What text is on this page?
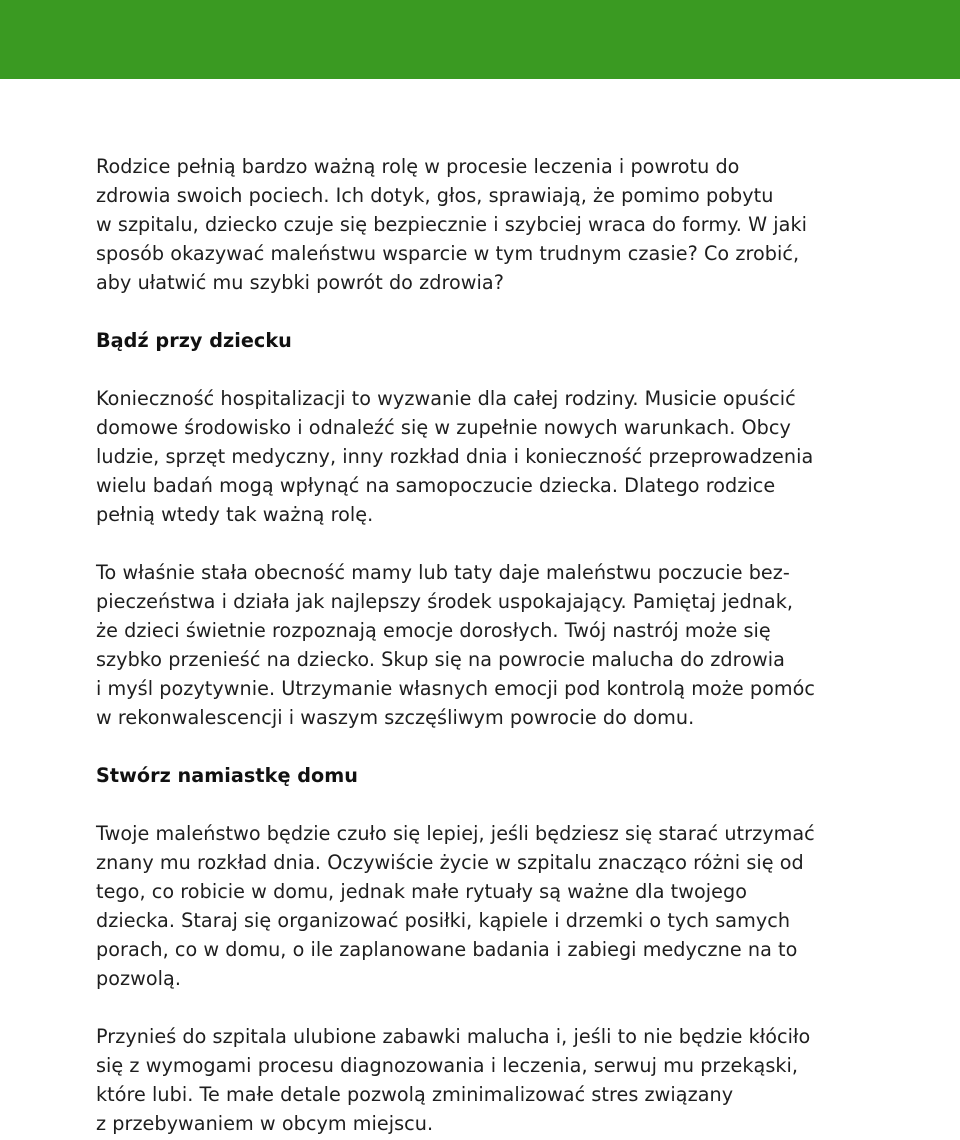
Rodzice pełnią bardzo ważną rolę w procesie leczenia i powrotu do
zdrowia swoich pociech. Ich dotyk, głos, sprawiają, że pomimo pobytu
w szpitalu, dziecko czuje się bezpiecznie i szybciej wraca do formy. W jaki
sposób okazywać maleństwu wsparcie w tym trudnym czasie? Co zrobić,
aby ułatwić mu szybki powrót do zdrowia?

Bądź przy dziecku

Konieczność hospitalizacji to wyzwanie dla całej rodziny. Musicie opuścić
domowe środowisko i odnaleźć się w zupełnie nowych warunkach. Obcy
ludzie, sprzęt medyczny, inny rozkład dnia i konieczność przeprowadzenia
wielu badań mogą wpłynąć na samopoczucie dziecka. Dlatego rodzice
pełnią wtedy tak ważną rolę.

To właśnie stała obecność mamy lub taty daje maleństwu poczucie bez-
pieczeństwa i działa jak najlepszy środek uspokajający. Pamiętaj jednak,
że dzieci świetnie rozpoznają emocje dorosłych. Twój nastrój może się
szybko przenieść na dziecko. Skup się na powrocie malucha do zdrowia
i myśl pozytywnie. Utrzymanie własnych emocji pod kontrolą może pomóc
w rekonwalescencji i waszym szczęśliwym powrocie do domu.

Stwórz namiastkę domu

Twoje maleństwo będzie czuło się lepiej, jeśli będziesz się starać utrzymać
znany mu rozkład dnia. Oczywiście życie w szpitalu znacząco różni się od
tego, co robicie w domu, jednak małe rytuały są ważne dla twojego
dziecka. Staraj się organizować posiłki, kąpiele i drzemki o tych samych
porach, co w domu, o ile zaplanowane badania i zabiegi medyczne na to
pozwolą.

Przynieś do szpitala ulubione zabawki malucha i, jeśli to nie będzie kłóciło
się z wymogami procesu diagnozowania i leczenia, serwuj mu przekąski,
które lubi. Te małe detale pozwolą zminimalizować stres związany
z przebywaniem w obcym miejscu.
